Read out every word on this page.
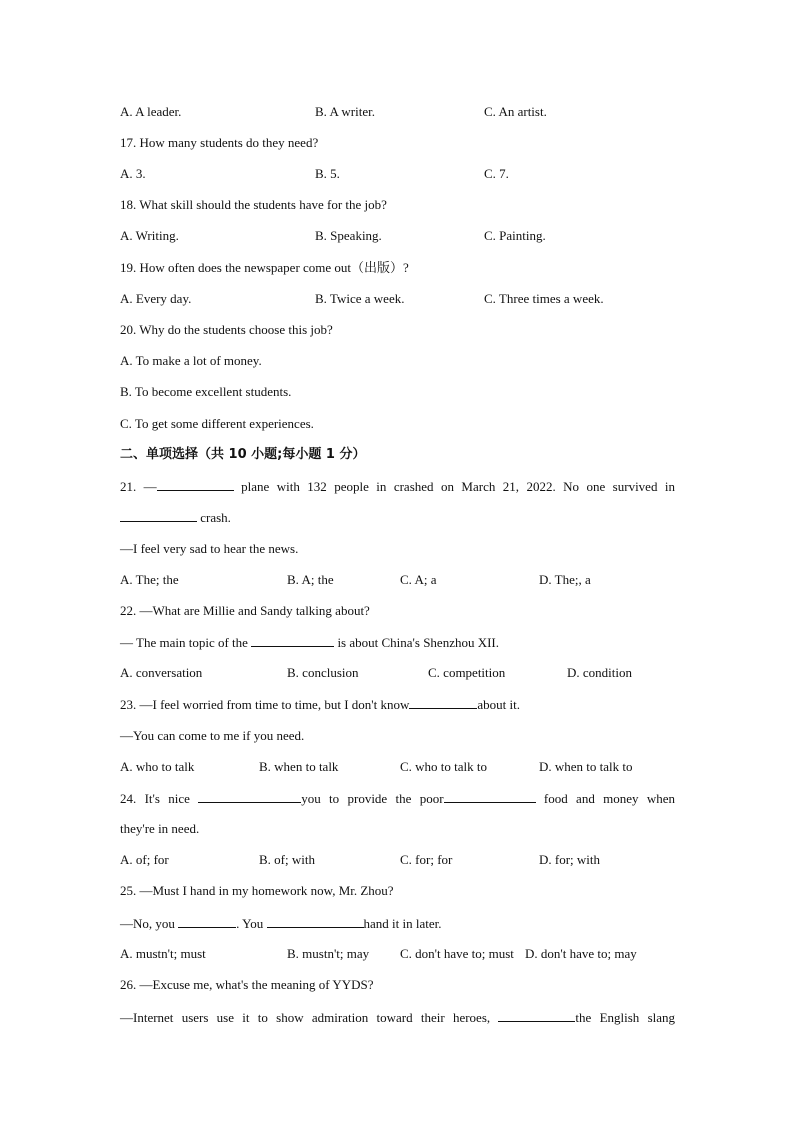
A. A leader.	B. A writer.	C. An artist.
17. How many students do they need?
A. 3.	B. 5.	C. 7.
18. What skill should the students have for the job?
A. Writing.	B. Speaking.	C. Painting.
19. How often does the newspaper come out（出版）?
A. Every day.	B. Twice a week.	C. Three times a week.
20. Why do the students choose this job?
A. To make a lot of money.
B. To become excellent students.
C. To get some different experiences.
二、单项选择（共 10 小题;每小题 1 分）
21. —	plane with 132 people in crashed on March 21, 2022. No one survived in
crash.
—I feel very sad to hear the news.
A. The; the	B. A; the	C. A; a	D. The;, a
22. —What are Millie and Sandy talking about?
— The main topic of the	is about China's Shenzhou XII.
A. conversation	B. conclusion	C. competition	D. condition
23. —I feel worried from time to time, but I don't know	about it.
—You can come to me if you need.
A. who to talk	B. when to talk	C. who to talk to	D. when to talk to
24. It's nice	you to provide the poor	food and money when
they're in need.
A. of; for	B. of; with	C. for; for	D. for; with
25. —Must I hand in my homework now, Mr. Zhou?
—No, you	. You	hand it in later.
A. mustn't; must	B. mustn't; may C. don't have to; must D. don't have to; may
26. —Excuse me, what's the meaning of YYDS?
—Internet users use it to show admiration toward their heroes,	the English slang
